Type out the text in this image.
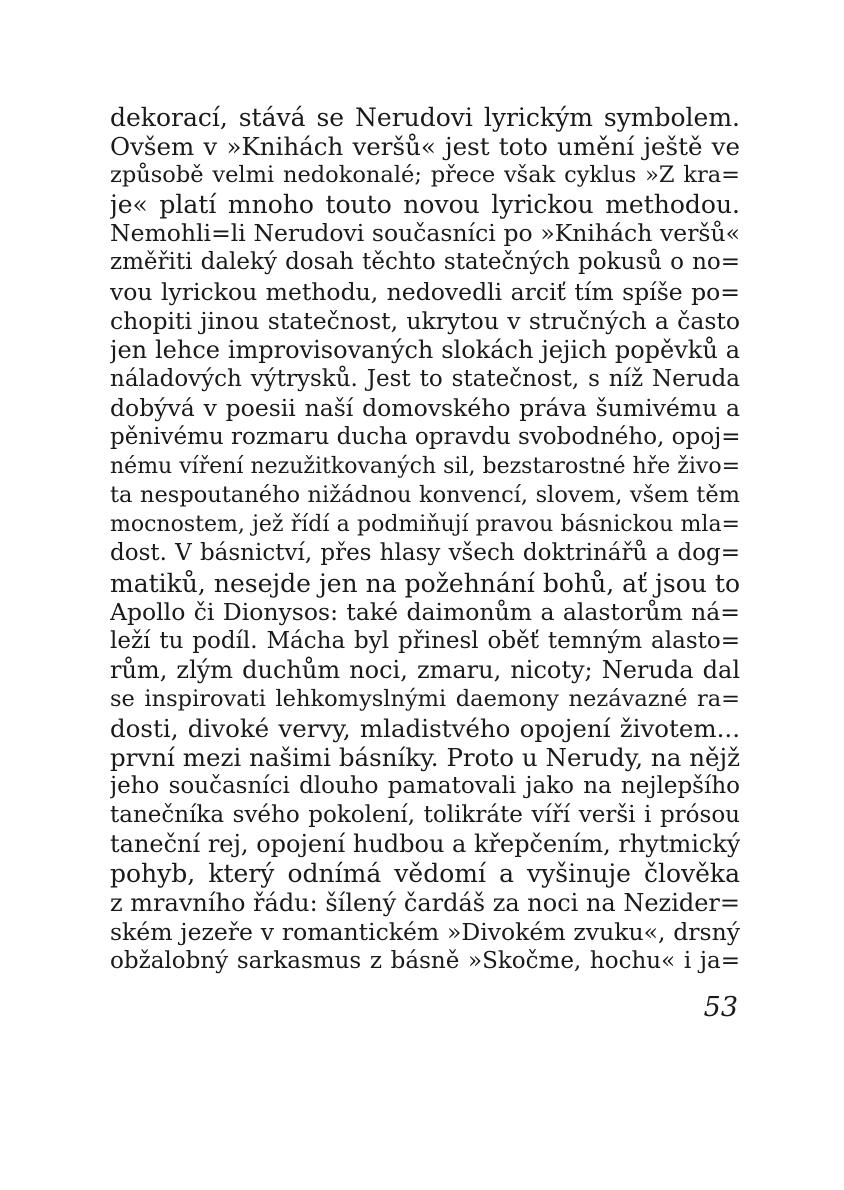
dekorací, stává se Nerudovi lyrickým symbolem.
Ovšem v »Knihách veršů« jest toto umění ještě ve
způsobě velmi nedokonalé; přece však cyklus »Z kra=
je« platí mnoho touto novou lyrickou methodou.
Nemohli=li Nerudovi současníci po »Knihách veršů«
změřiti daleký dosah těchto statečných pokusů o no=
vou lyrickou methodu, nedovedli arciť tím spíše po=
chopiti jinou statečnost, ukrytou v stručných a často
jen lehce improvisovaných slokách jejich popěvků a
náladových výtrysků. Jest to statečnost, s níž Neruda
dobývá v poesii naší domovského práva šumivému a
pěnivému rozmaru ducha opravdu svobodného, opoj=
nému víření nezužitkovaných sil, bezstarostné hře živo=
ta nespoutaného nižádnou konvencí, slovem, všem těm
mocnostem, jež řídí a podmiňují pravou básnickou mla=
dost. V básnictví, přes hlasy všech doktrinářů a dog=
matiků, nesejde jen na požehnání bohů, ať jsou to
Apollo či Dionysos: také daimonům a alastorům ná=
leží tu podíl. Mácha byl přinesl oběť temným alasto=
rům, zlým duchům noci, zmaru, nicoty; Neruda dal
se inspirovati lehkomyslnými daemony nezávazné ra=
dosti, divoké vervy, mladistvého opojení životem...
první mezi našimi básníky. Proto u Nerudy, na nějž
jeho současníci dlouho pamatovali jako na nejlepšího
tanečníka svého pokolení, tolikráte víří verši i prósou
taneční rej, opojení hudbou a křepčením, rhytmický
pohyb, který odnímá vědomí a vyšinuje člověka
z mravního řádu: šílený čardáš za noci na Nezider=
ském jezeře v romantickém »Divokém zvuku«, drsný
obžalobný sarkasmus z básně »Skočme, hochu« i ja=
53
